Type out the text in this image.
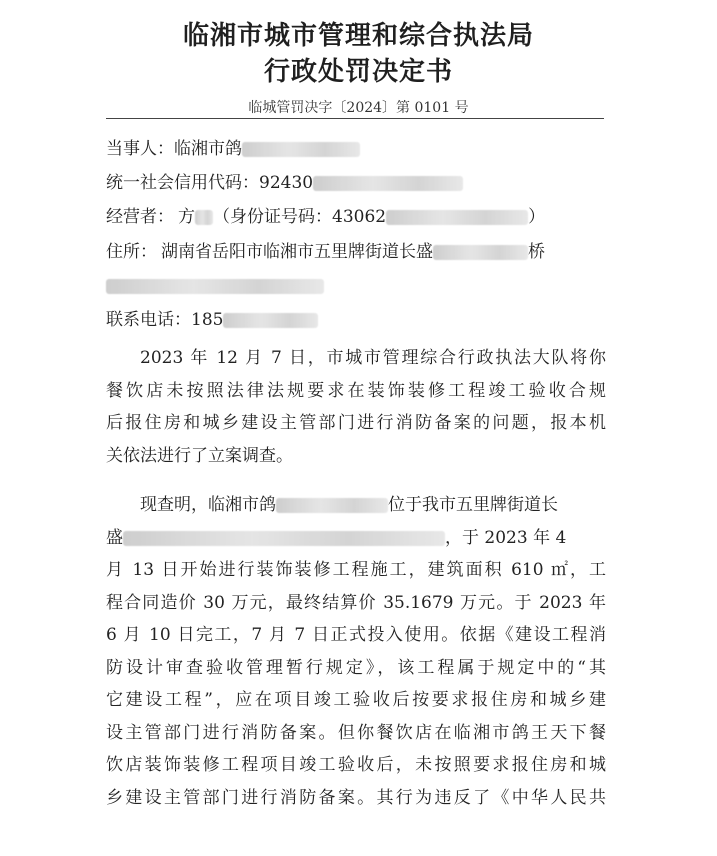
临湘市城市管理和综合执法局
行政处罚决定书
临城管罚决字〔2024〕第 0101 号
当事人：临湘市鸽
统一社会信用代码：92430
经营者： 方 （身份证号码：43062	）
住所： 湖南省岳阳市临湘市五里牌街道长盛	桥
联系电话：185
2023 年 12 月 7 日，市城市管理综合行政执法大队将你
餐饮店未按照法律法规要求在装饰装修工程竣工验收合规
后报住房和城乡建设主管部门进行消防备案的问题，报本机
关依法进行了立案调查。
现查明，临湘市鸽	位于我市五里牌街道长
盛	，于 2023 年 4
月 13 日开始进行装饰装修工程施工，建筑面积 610 ㎡，工
程合同造价 30 万元，最终结算价 35.1679 万元。于 2023 年
6 月 10 日完工，7 月 7 日正式投入使用。依据《建设工程消
防设计审查验收管理暂行规定》，该工程属于规定中的“其
它建设工程”，应在项目竣工验收后按要求报住房和城乡建
设主管部门进行消防备案。但你餐饮店在临湘市鸽王天下餐
饮店装饰装修工程项目竣工验收后，未按照要求报住房和城
乡建设主管部门进行消防备案。其行为违反了《中华人民共
